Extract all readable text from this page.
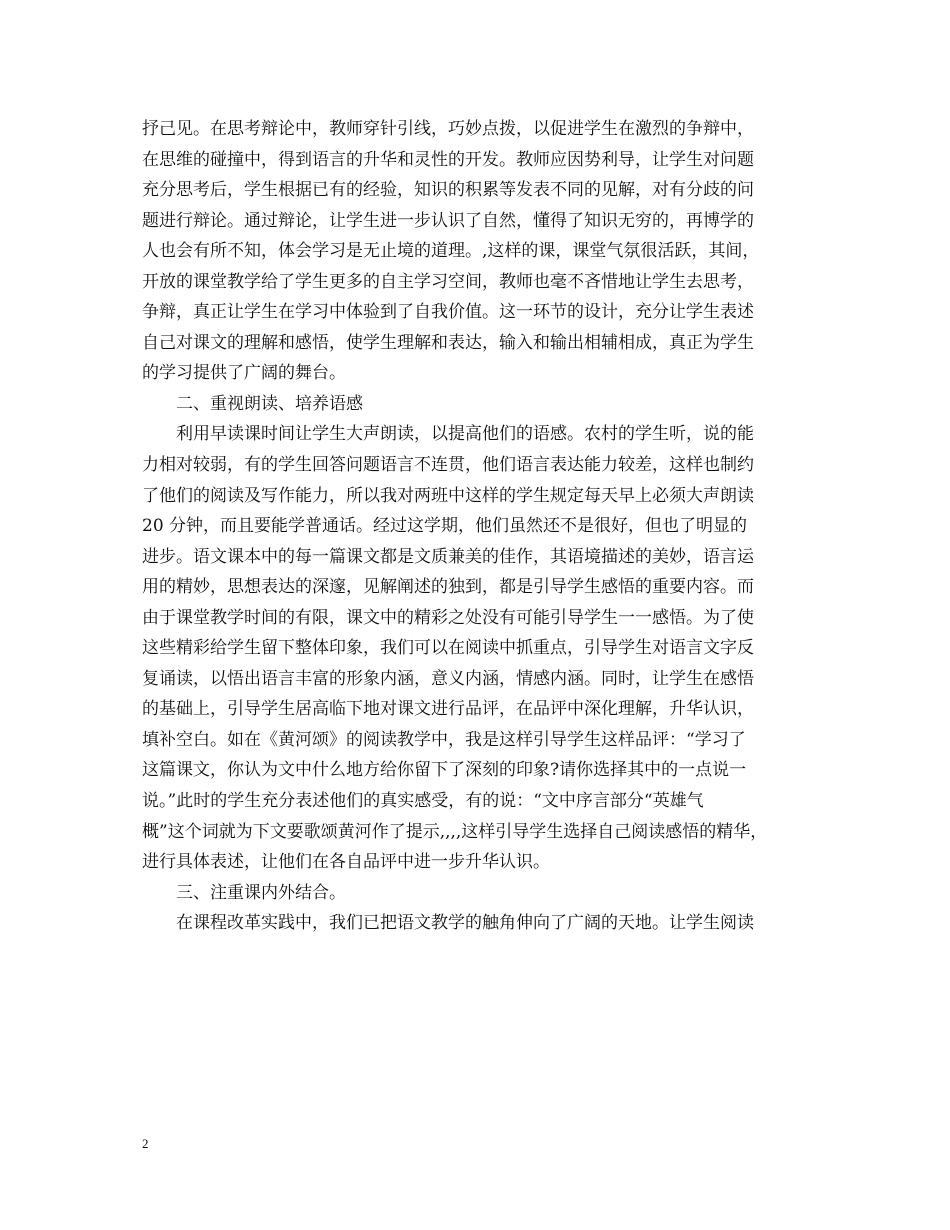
抒己见。在思考辩论中，教师穿针引线，巧妙点拨，以促进学生在激烈的争辩中，
在思维的碰撞中，得到语言的升华和灵性的开发。教师应因势利导，让学生对问题
充分思考后，学生根据已有的经验，知识的积累等发表不同的见解，对有分歧的问
题进行辩论。通过辩论，让学生进一步认识了自然，懂得了知识无穷的，再博学的
人也会有所不知，体会学习是无止境的道理。,这样的课，课堂气氛很活跃，其间，
开放的课堂教学给了学生更多的自主学习空间，教师也毫不吝惜地让学生去思考，
争辩，真正让学生在学习中体验到了自我价值。这一环节的设计，充分让学生表述
自己对课文的理解和感悟，使学生理解和表达，输入和输出相辅相成，真正为学生
的学习提供了广阔的舞台。
二、重视朗读、培养语感
利用早读课时间让学生大声朗读，以提高他们的语感。农村的学生听，说的能
力相对较弱，有的学生回答问题语言不连贯，他们语言表达能力较差，这样也制约
了他们的阅读及写作能力，所以我对两班中这样的学生规定每天早上必须大声朗读
20 分钟，而且要能学普通话。经过这学期，他们虽然还不是很好，但也了明显的
进步。语文课本中的每一篇课文都是文质兼美的佳作，其语境描述的美妙，语言运
用的精妙，思想表达的深邃，见解阐述的独到，都是引导学生感悟的重要内容。而
由于课堂教学时间的有限，课文中的精彩之处没有可能引导学生一一感悟。为了使
这些精彩给学生留下整体印象，我们可以在阅读中抓重点，引导学生对语言文字反
复诵读，以悟出语言丰富的形象内涵，意义内涵，情感内涵。同时，让学生在感悟
的基础上，引导学生居高临下地对课文进行品评，在品评中深化理解，升华认识，
填补空白。如在《黄河颂》的阅读教学中，我是这样引导学生这样品评：“学习了
这篇课文，你认为文中什么地方给你留下了深刻的印象?请你选择其中的一点说一
说。”此时的学生充分表述他们的真实感受，有的说：“文中序言部分“英雄气
概”这个词就为下文要歌颂黄河作了提示,,,,这样引导学生选择自己阅读感悟的精华，
进行具体表述，让他们在各自品评中进一步升华认识。
三、注重课内外结合。
在课程改革实践中，我们已把语文教学的触角伸向了广阔的天地。让学生阅读
2
